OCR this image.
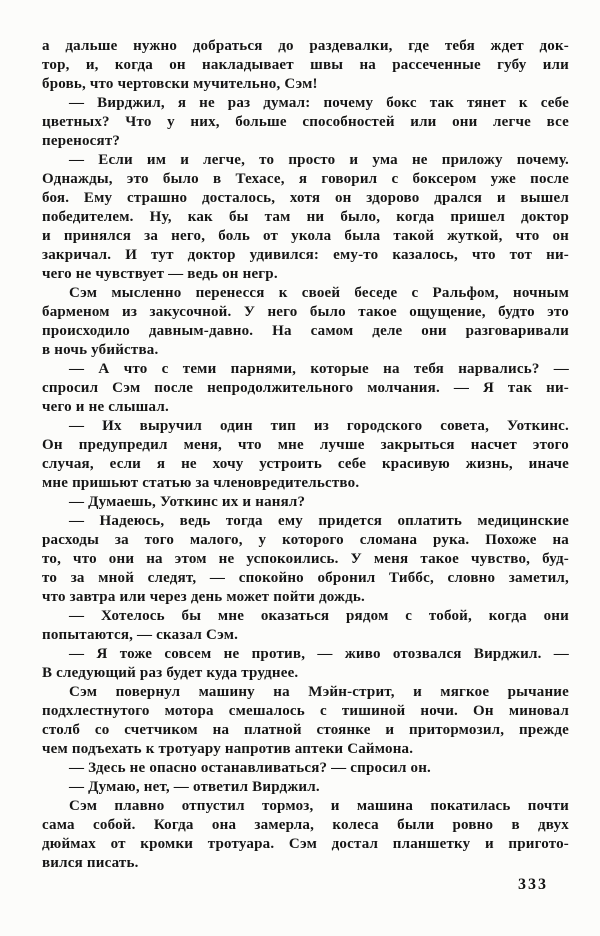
а дальше нужно добраться до раздевалки, где тебя ждет док-
тор, и, когда он накладывает швы на рассеченные губу или
бровь, что чертовски мучительно, Сэм!
— Вирджил, я не раз думал: почему бокс так тянет к себе
цветных? Что у них, больше способностей или они легче все
переносят?
— Если им и легче, то просто и ума не приложу почему.
Однажды, это было в Техасе, я говорил с боксером уже после
боя. Ему страшно досталось, хотя он здорово дрался и вышел
победителем. Ну, как бы там ни было, когда пришел доктор
и принялся за него, боль от укола была такой жуткой, что он
закричал. И тут доктор удивился: ему-то казалось, что тот ни-
чего не чувствует — ведь он негр.
Сэм мысленно перенесся к своей беседе с Ральфом, ночным
барменом из закусочной. У него было такое ощущение, будто это
происходило давным-давно. На самом деле они разговаривали
в ночь убийства.
— А что с теми парнями, которые на тебя нарвались? —
спросил Сэм после непродолжительного молчания. — Я так ни-
чего и не слышал.
— Их выручил один тип из городского совета, Уоткинс.
Он предупредил меня, что мне лучше закрыться насчет этого
случая, если я не хочу устроить себе красивую жизнь, иначе
мне пришьют статью за членовредительство.
— Думаешь, Уоткинс их и нанял?
— Надеюсь, ведь тогда ему придется оплатить медицинские
расходы за того малого, у которого сломана рука. Похоже на
то, что они на этом не успокоились. У меня такое чувство, буд-
то за мной следят, — спокойно обронил Тиббс, словно заметил,
что завтра или через день может пойти дождь.
— Хотелось бы мне оказаться рядом с тобой, когда они
попытаются, — сказал Сэм.
— Я тоже совсем не против, — живо отозвался Вирджил. —
В следующий раз будет куда труднее.
Сэм повернул машину на Мэйн-стрит, и мягкое рычание
подхлестнутого мотора смешалось с тишиной ночи. Он миновал
столб со счетчиком на платной стоянке и притормозил, прежде
чем подъехать к тротуару напротив аптеки Саймона.
— Здесь не опасно останавливаться? — спросил он.
— Думаю, нет, — ответил Вирджил.
Сэм плавно отпустил тормоз, и машина покатилась почти
сама собой. Когда она замерла, колеса были ровно в двух
дюймах от кромки тротуара. Сэм достал планшетку и пригото-
вился писать.
333
